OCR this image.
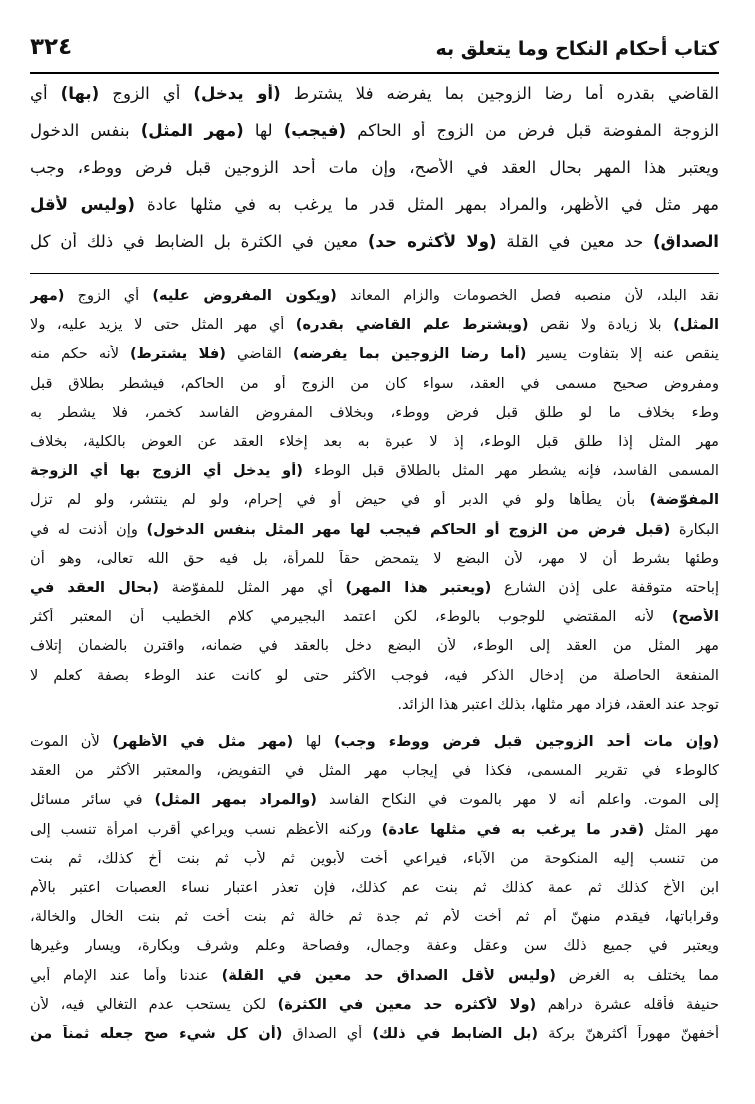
كتاب أحكام النكاح وما يتعلق به
٣٢٤
القاضي بقدره أما رضا الزوجين بما يفرضه فلا يشترط (أو يدخل) أي الزوج (بها) أي
الزوجة المفوضة قبل فرض من الزوج أو الحاكم (فيجب) لها (مهر المثل) بنفس الدخول
ويعتبر هذا المهر بحال العقد في الأصح، وإن مات أحد الزوجين قبل فرض ووطء، وجب
مهر مثل في الأظهر، والمراد بمهر المثل قدر ما يرغب به في مثلها عادة (وليس لأقل
الصداق) حد معين في القلة (ولا لأكثره حد) معين في الكثرة بل الضابط في ذلك أن كل
نقد البلد، لأن منصبه فصل الخصومات والزام المعاند (ويكون المفروض عليه) أي الزوج (مهر
المثل) بلا زيادة ولا نقص (ويشترط علم القاضي بقدره) أي مهر المثل حتى لا يزيد عليه، ولا
ينقص عنه إلا بتفاوت يسير (أما رضا الزوجين بما يفرضه) القاضي (فلا يشترط) لأنه حكم منه
ومفروض صحيح مسمى في العقد، سواء كان من الزوج أو من الحاكم، فيشطر بطلاق قبل
وطء بخلاف ما لو طلق قبل فرض ووطء، وبخلاف المفروض الفاسد كخمر، فلا يشطر به
مهر المثل إذا طلق قبل الوطء، إذ لا عبرة به بعد إخلاء العقد عن العوض بالكلية، بخلاف
المسمى الفاسد، فإنه يشطر مهر المثل بالطلاق قبل الوطء (أو يدخل أي الزوج بها أي الزوجة
المفوّضة) بأن يطأها ولو في الدبر أو في حيض أو في إحرام، ولو لم ينتشر، ولو لم تزل
البكارة (قبل فرض من الزوج أو الحاكم فيجب لها مهر المثل بنفس الدخول) وإن أذنت له في
وطئها بشرط أن لا مهر، لأن البضع لا يتمحض حقاً للمرأة، بل فيه حق الله تعالى، وهو أن
إباحته متوقفة على إذن الشارع (ويعتبر هذا المهر) أي مهر المثل للمفوّضة (بحال العقد في
الأصح) لأنه المقتضي للوجوب بالوطء، لكن اعتمد البجيرمي كلام الخطيب أن المعتبر أكثر
مهر المثل من العقد إلى الوطء، لأن البضع دخل بالعقد في ضمانه، واقترن بالضمان إتلاف
المنفعة الحاصلة من إدخال الذكر فيه، فوجب الأكثر حتى لو كانت عند الوطء بصفة كعلم لا
توجد عند العقد، فزاد مهر مثلها، بذلك اعتبر هذا الزائد.
(وإن مات أحد الزوجين قبل فرض ووطء وجب) لها (مهر مثل في الأظهر) لأن الموت
كالوطء في تقرير المسمى، فكذا في إيجاب مهر المثل في التفويض، والمعتبر الأكثر من العقد
إلى الموت. واعلم أنه لا مهر بالموت في النكاح الفاسد (والمراد بمهر المثل) في سائر مسائل
مهر المثل (قدر ما يرغب به في مثلها عادة) وركنه الأعظم نسب ويراعي أقرب امرأة تنسب إلى
من تنسب إليه المنكوحة من الآباء، فيراعي أخت لأبوين ثم لأب ثم بنت أخ كذلك، ثم بنت
ابن الأخ كذلك ثم عمة كذلك ثم بنت عم كذلك، فإن تعذر اعتبار نساء العصبات اعتبر بالأم
وقراباتها، فيقدم منهنّ أم ثم أخت لأم ثم جدة ثم خالة ثم بنت أخت ثم بنت الخال والخالة،
ويعتبر في جميع ذلك سن وعقل وعفة وجمال، وفصاحة وعلم وشرف وبكارة، ويسار وغيرها
مما يختلف به الغرض (وليس لأقل الصداق حد معين في القلة) عندنا وأما عند الإمام أبي
حنيفة فأقله عشرة دراهم (ولا لأكثره حد معين في الكثرة) لكن يستحب عدم التغالي فيه، لأن
أخفهنّ مهوراً أكثرهنّ بركة (بل الضابط في ذلك) أي الصداق (أن كل شيء صح جعله ثمناً من
